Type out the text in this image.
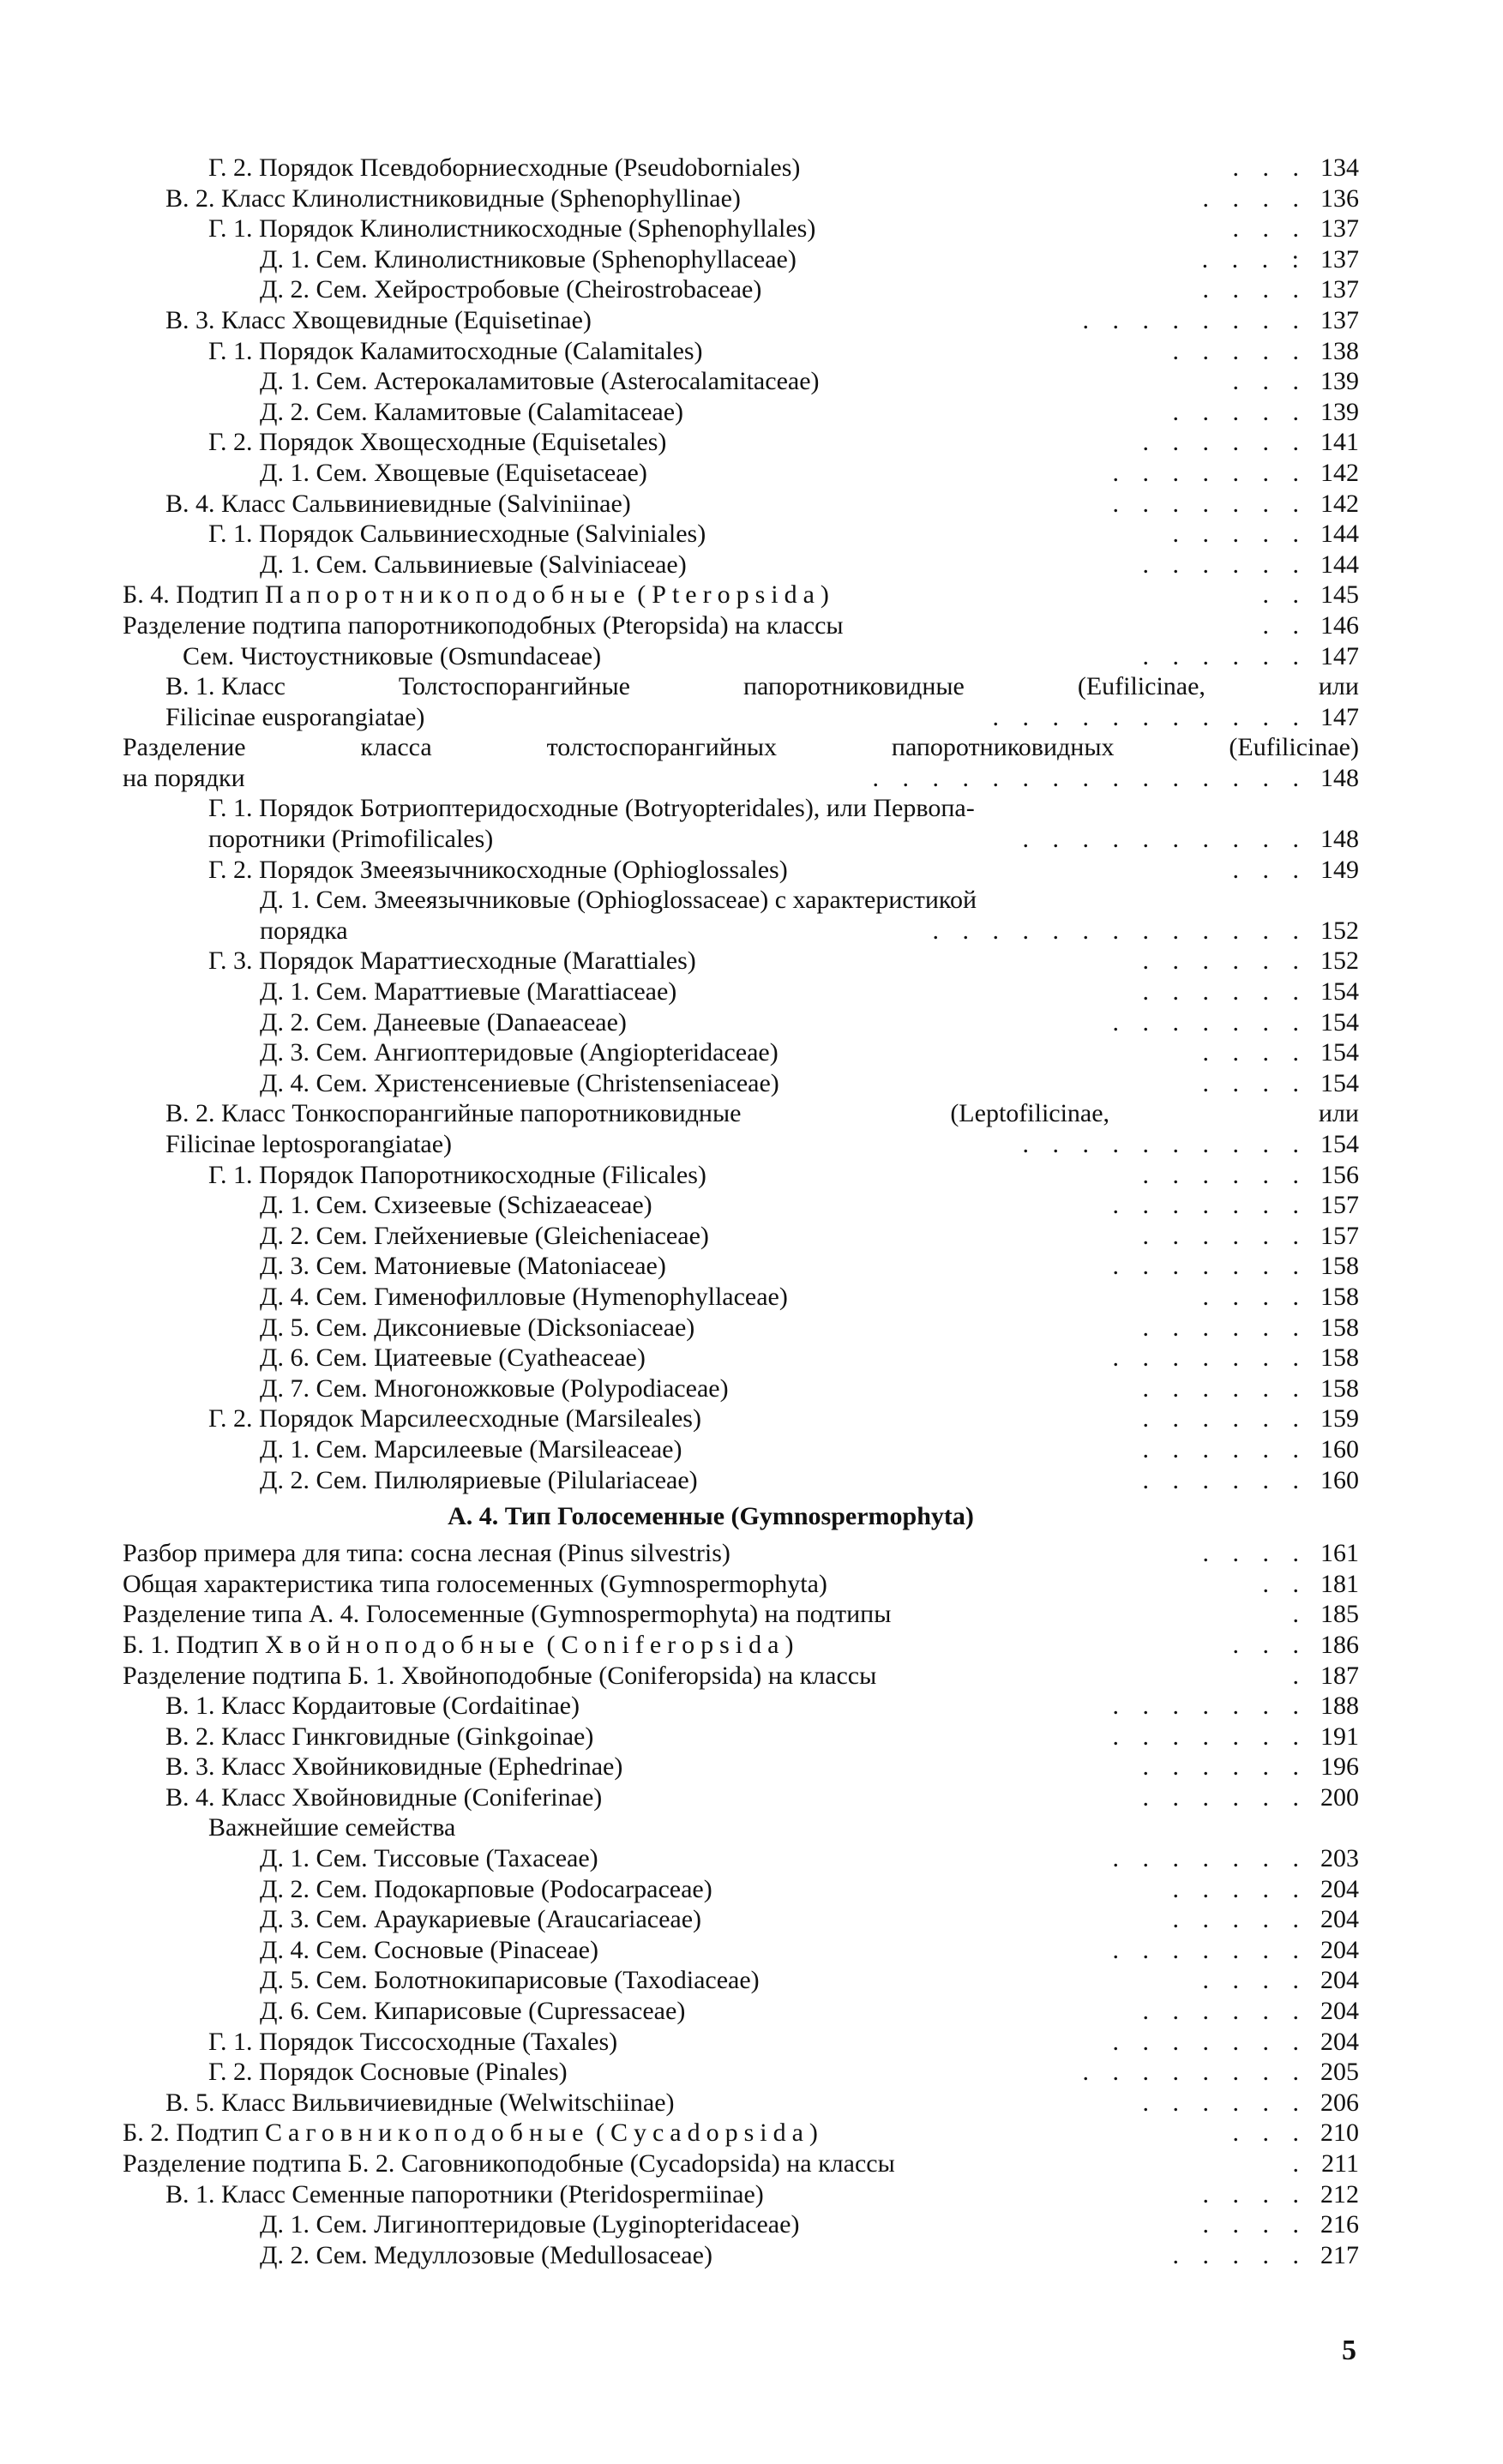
Г. 2. Порядок Псевдоборниесходные (Pseudoborniales)	. . . 134
В. 2. Класс Клинолистниковидные (Sphenophyllinae)	. . . . 136
Г. 1. Порядок Клинолистникосходные (Sphenophyllales)	. . . 137
Д. 1. Сем. Клинолистниковые (Sphenophyllaceae)	. . . : 137
Д. 2. Сем. Хейростробовые (Cheirostrobaceae)	. . . . 137
В. 3. Класс Хвощевидные (Equisetinae)	. . . . . . . . 137
Г. 1. Порядок Каламитосходные (Calamitales)	. . . . . 138
Д. 1. Сем. Астерокаламитовые (Asterocalamitaceae)	. . . 139
Д. 2. Сем. Каламитовые (Calamitaceae)	. . . . . 139
Г. 2. Порядок Хвощесходные (Equisetales)	. . . . . . 141
Д. 1. Сем. Хвощевые (Equisetaceae)	. . . . . . . 142
В. 4. Класс Сальвиниевидные (Salviniinae)	. . . . . . . 142
Г. 1. Порядок Сальвиниесходные (Salviniales)	. . . . . 144
Д. 1. Сем. Сальвиниевые (Salviniaceae)	. . . . . . 144
Б. 4. Подтип Папоротникоподобные (Pteropsida)	. . 145
Разделение подтипа папоротникоподобных (Pteropsida) на классы	. . 146
Сем. Чистоустниковые (Osmundaceae)	. . . . . . 147
В. 1. Класс	Толстоспорангийные	папоротниковидные	(Eufilicinae,	или
Filicinae eusporangiatae)	. . . . . . . . . . . 147
Разделение	класса	толстоспорангийных	папоротниковидных	(Eufilicinae)
на порядки	. . . . . . . . . . . . . . . 148
Г. 1. Порядок Ботриоптеридосходные (Botryopteridales), или Первопа-
поротники (Primofilicales)	. . . . . . . . . . 148
Г. 2. Порядок Змееязычникосходные (Ophioglossales)	. . . 149
Д. 1. Сем. Змееязычниковые (Ophioglossaceae) с характеристикой
порядка	. . . . . . . . . . . . . 152
Г. 3. Порядок Мараттиесходные (Marattiales)	. . . . . . 152
Д. 1. Сем. Мараттиевые (Marattiaceae)	. . . . . . 154
Д. 2. Сем. Данеевые (Danaeaceae)	. . . . . . . 154
Д. 3. Сем. Ангиоптеридовые (Angiopteridaceae)	. . . . 154
Д. 4. Сем. Христенсениевые (Christenseniaceae)	. . . . 154
В. 2. Класс Тонкоспорангийные папоротниковидные	(Leptofilicinae,	или
Filicinae leptosporangiatae)	. . . . . . . . . . 154
Г. 1. Порядок Папоротникосходные (Filicales)	. . . . . . 156
Д. 1. Сем. Схизеевые (Schizaeaceae)	. . . . . . . 157
Д. 2. Сем. Глейхениевые (Gleicheniaceae)	. . . . . . 157
Д. 3. Сем. Матониевые (Matoniaceae)	. . . . . . . 158
Д. 4. Сем. Гименофилловые (Hymenophyllaceae)	. . . . 158
Д. 5. Сем. Диксониевые (Dicksoniaceae)	. . . . . . 158
Д. 6. Сем. Циатеевые (Cyatheaceae)	. . . . . . . 158
Д. 7. Сем. Многоножковые (Polypodiaceae)	. . . . . . 158
Г. 2. Порядок Марсилеесходные (Marsileales)	. . . . . . 159
Д. 1. Сем. Марсилеевые (Marsileaceae)	. . . . . . 160
Д. 2. Сем. Пилюляриевые (Pilulariaceae)	. . . . . . 160
А. 4. Тип Голосеменные (Gymnospermophyta)
Разбор примера для типа: сосна лесная (Pinus silvestris)	. . . . 161
Общая характеристика типа голосеменных (Gymnospermophyta)	. . 181
Разделение типа А. 4. Голосеменные (Gymnospermophyta) на подтипы	. 185
Б. 1. Подтип Хвойноподобные (Coniferopsida)	. . . 186
Разделение подтипа Б. 1. Хвойноподобные (Coniferopsida) на классы	. 187
В. 1. Класс Кордаитовые (Cordaitinae)	. . . . . . . 188
В. 2. Класс Гинкговидные (Ginkgoinae)	. . . . . . . 191
В. 3. Класс Хвойниковидные (Ephedrinae)	. . . . . . 196
В. 4. Класс Хвойновидные (Coniferinae)	. . . . . . 200
Важнейшие семейства
Д. 1. Сем. Тиссовые (Taxaceae)	. . . . . . . 203
Д. 2. Сем. Подокарповые (Podocarpaceae)	. . . . . 204
Д. 3. Сем. Араукариевые (Araucariaceae)	. . . . . 204
Д. 4. Сем. Сосновые (Pinaceae)	. . . . . . . 204
Д. 5. Сем. Болотнокипарисовые (Taxodiaceae)	. . . . 204
Д. 6. Сем. Кипарисовые (Cupressaceae)	. . . . . . 204
Г. 1. Порядок Тиссосходные (Taxales)	. . . . . . . 204
Г. 2. Порядок Сосновые (Pinales)	. . . . . . . . 205
В. 5. Класс Вильвичиевидные (Welwitschiinae)	. . . . . . 206
Б. 2. Подтип Саговникоподобные (Cycadopsida)	. . . 210
Разделение подтипа Б. 2. Саговникоподобные (Cycadopsida) на классы	. 211
В. 1. Класс Семенные папоротники (Pteridospermiinae)	. . . . 212
Д. 1. Сем. Лигиноптеридовые (Lyginopteridaceae)	. . . . 216
Д. 2. Сем. Медуллозовые (Medullosaceae)	. . . . . 217
5
